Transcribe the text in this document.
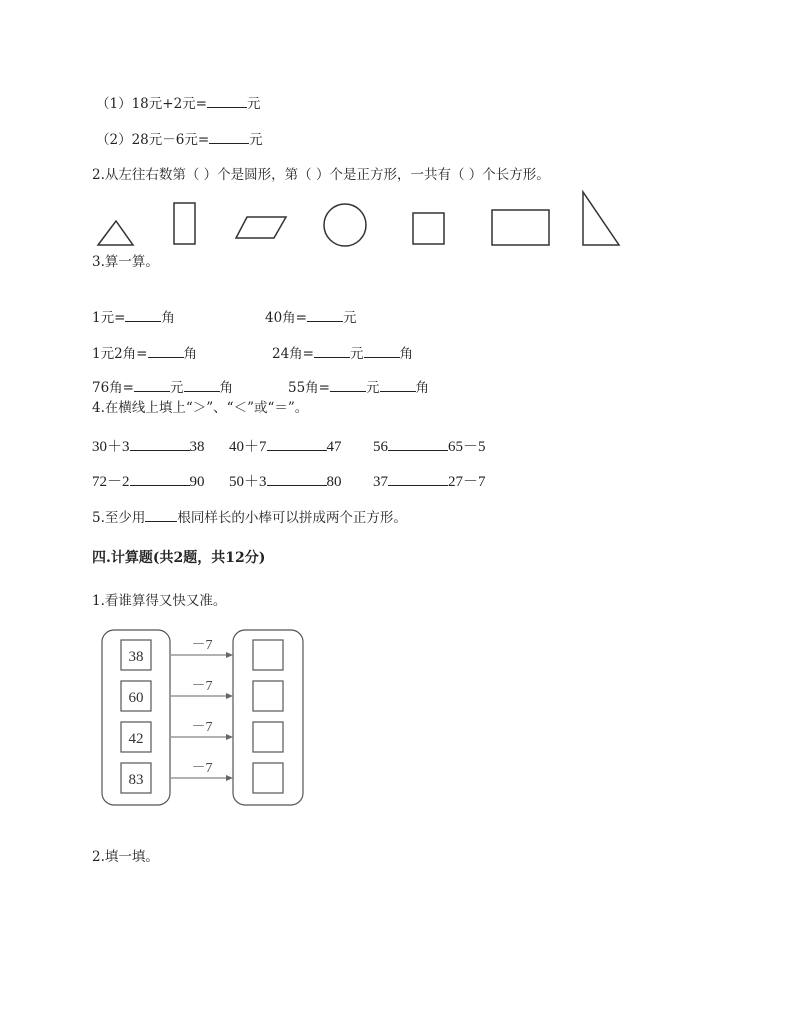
（1）18元+2元=	元
（2）28元－6元=	元
2.从左往右数第（ ）个是圆形，第（ ）个是正方形，一共有（ ）个长方形。
3.算一算。
1元=	角	40角=	元
1元2角=	角	24角=	元	角
76角=	元	角	55角=	元	角
4.在横线上填上“＞”、“＜”或“＝”。
30＋3	38 40＋7	47 56	65－5
72－2	90 50＋3	80 37	27－7
5.至少用 根同样长的小棒可以拼成两个正方形。
四.计算题(共2题，共12分)
1.看谁算得又快又准。
38
－7
60
－7
42
－7
83
－7
2.填一填。
